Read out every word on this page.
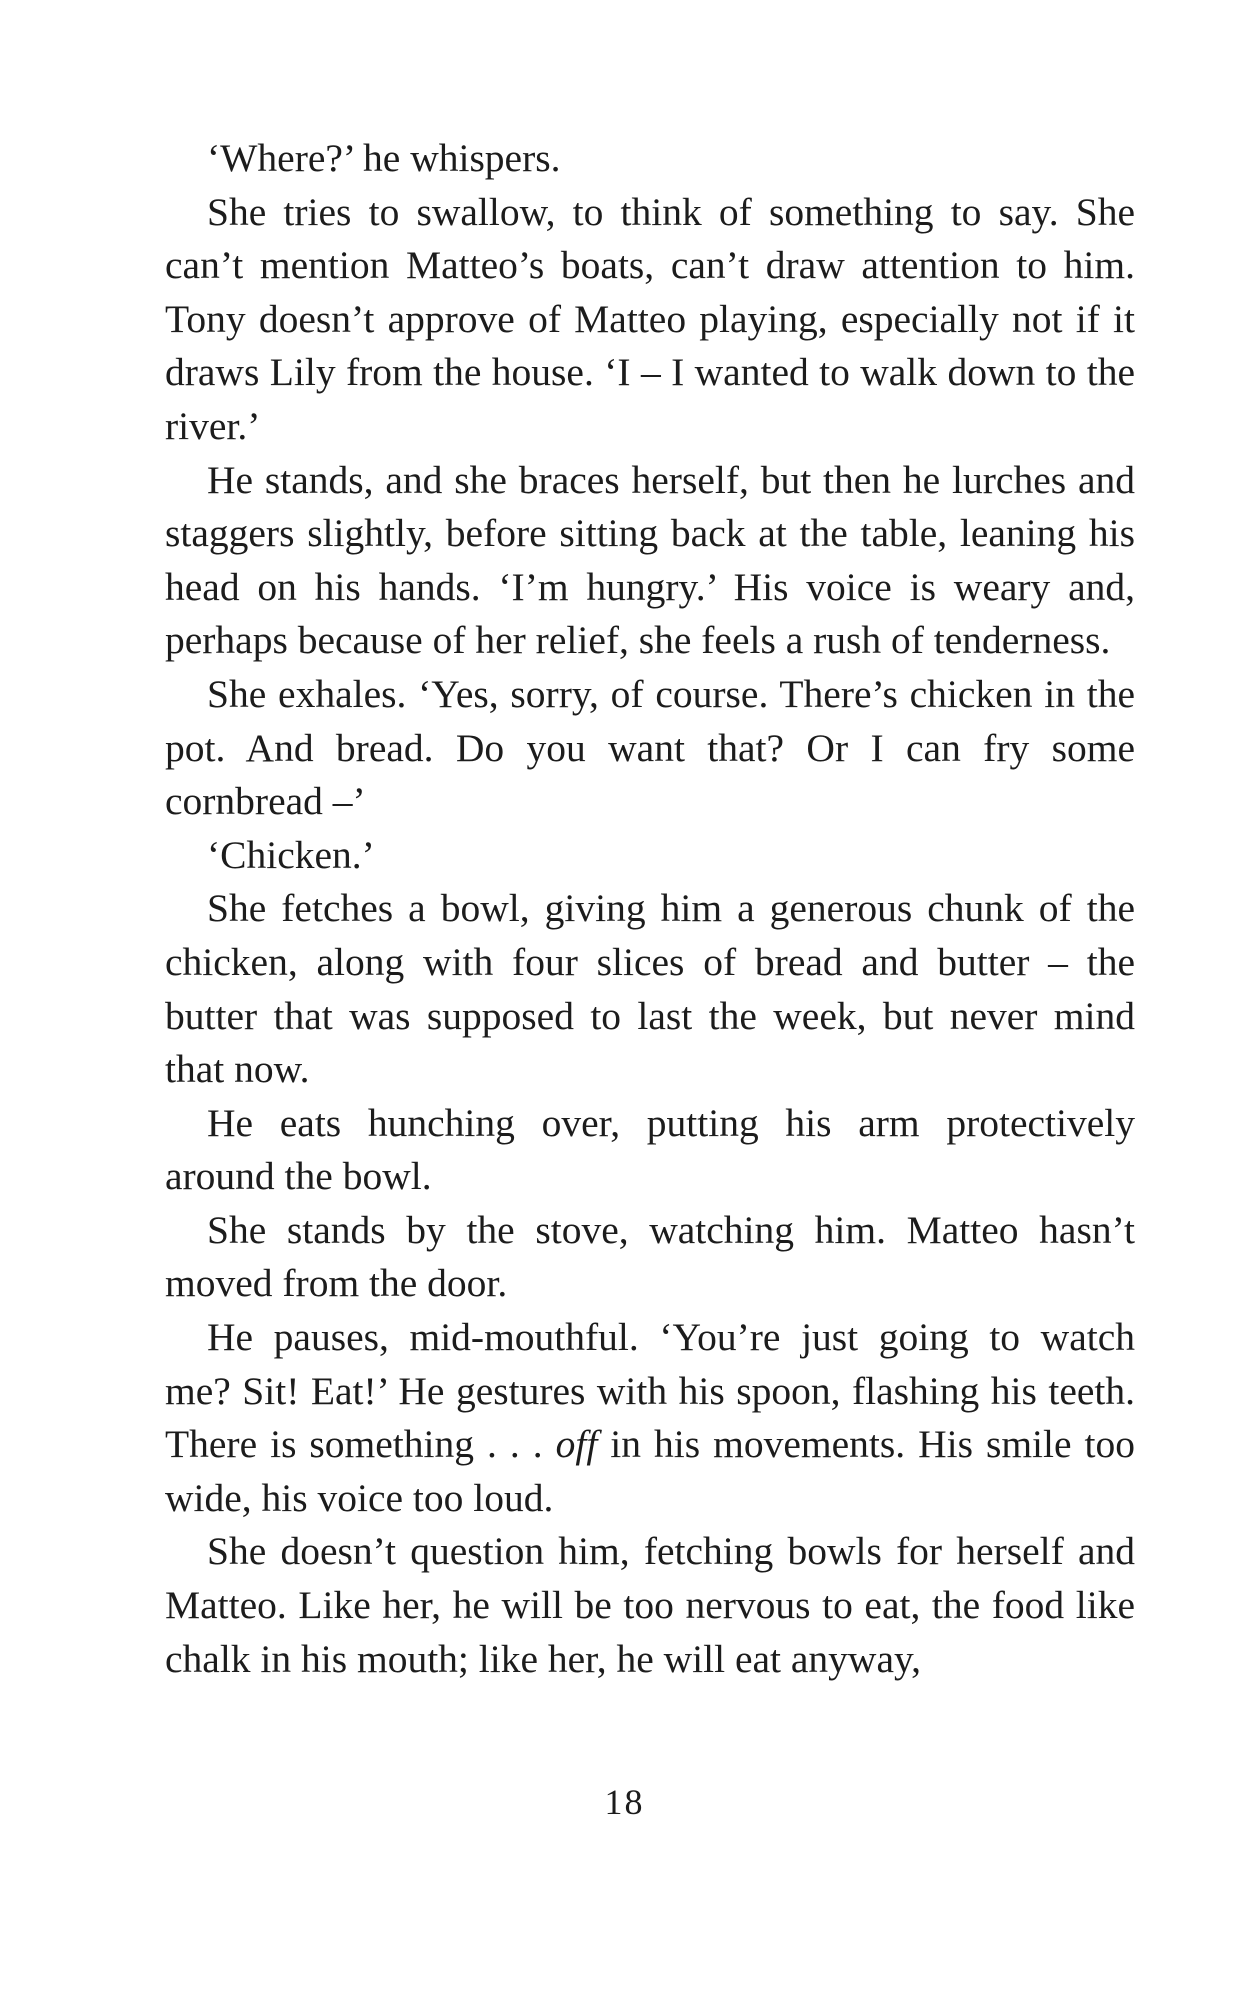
‘Where?’ he whispers.

She tries to swallow, to think of something to say. She can’t mention Matteo’s boats, can’t draw attention to him. Tony doesn’t approve of Matteo playing, especially not if it draws Lily from the house. ‘I – I wanted to walk down to the river.’

He stands, and she braces herself, but then he lurches and staggers slightly, before sitting back at the table, leaning his head on his hands. ‘I’m hungry.’ His voice is weary and, perhaps because of her relief, she feels a rush of tenderness.

She exhales. ‘Yes, sorry, of course. There’s chicken in the pot. And bread. Do you want that? Or I can fry some cornbread –’

‘Chicken.’

She fetches a bowl, giving him a generous chunk of the chicken, along with four slices of bread and butter – the butter that was supposed to last the week, but never mind that now.

He eats hunching over, putting his arm protectively around the bowl.

She stands by the stove, watching him. Matteo hasn’t moved from the door.

He pauses, mid-mouthful. ‘You’re just going to watch me? Sit! Eat!’ He gestures with his spoon, flashing his teeth. There is something . . . off in his movements. His smile too wide, his voice too loud.

She doesn’t question him, fetching bowls for herself and Matteo. Like her, he will be too nervous to eat, the food like chalk in his mouth; like her, he will eat anyway,

18
